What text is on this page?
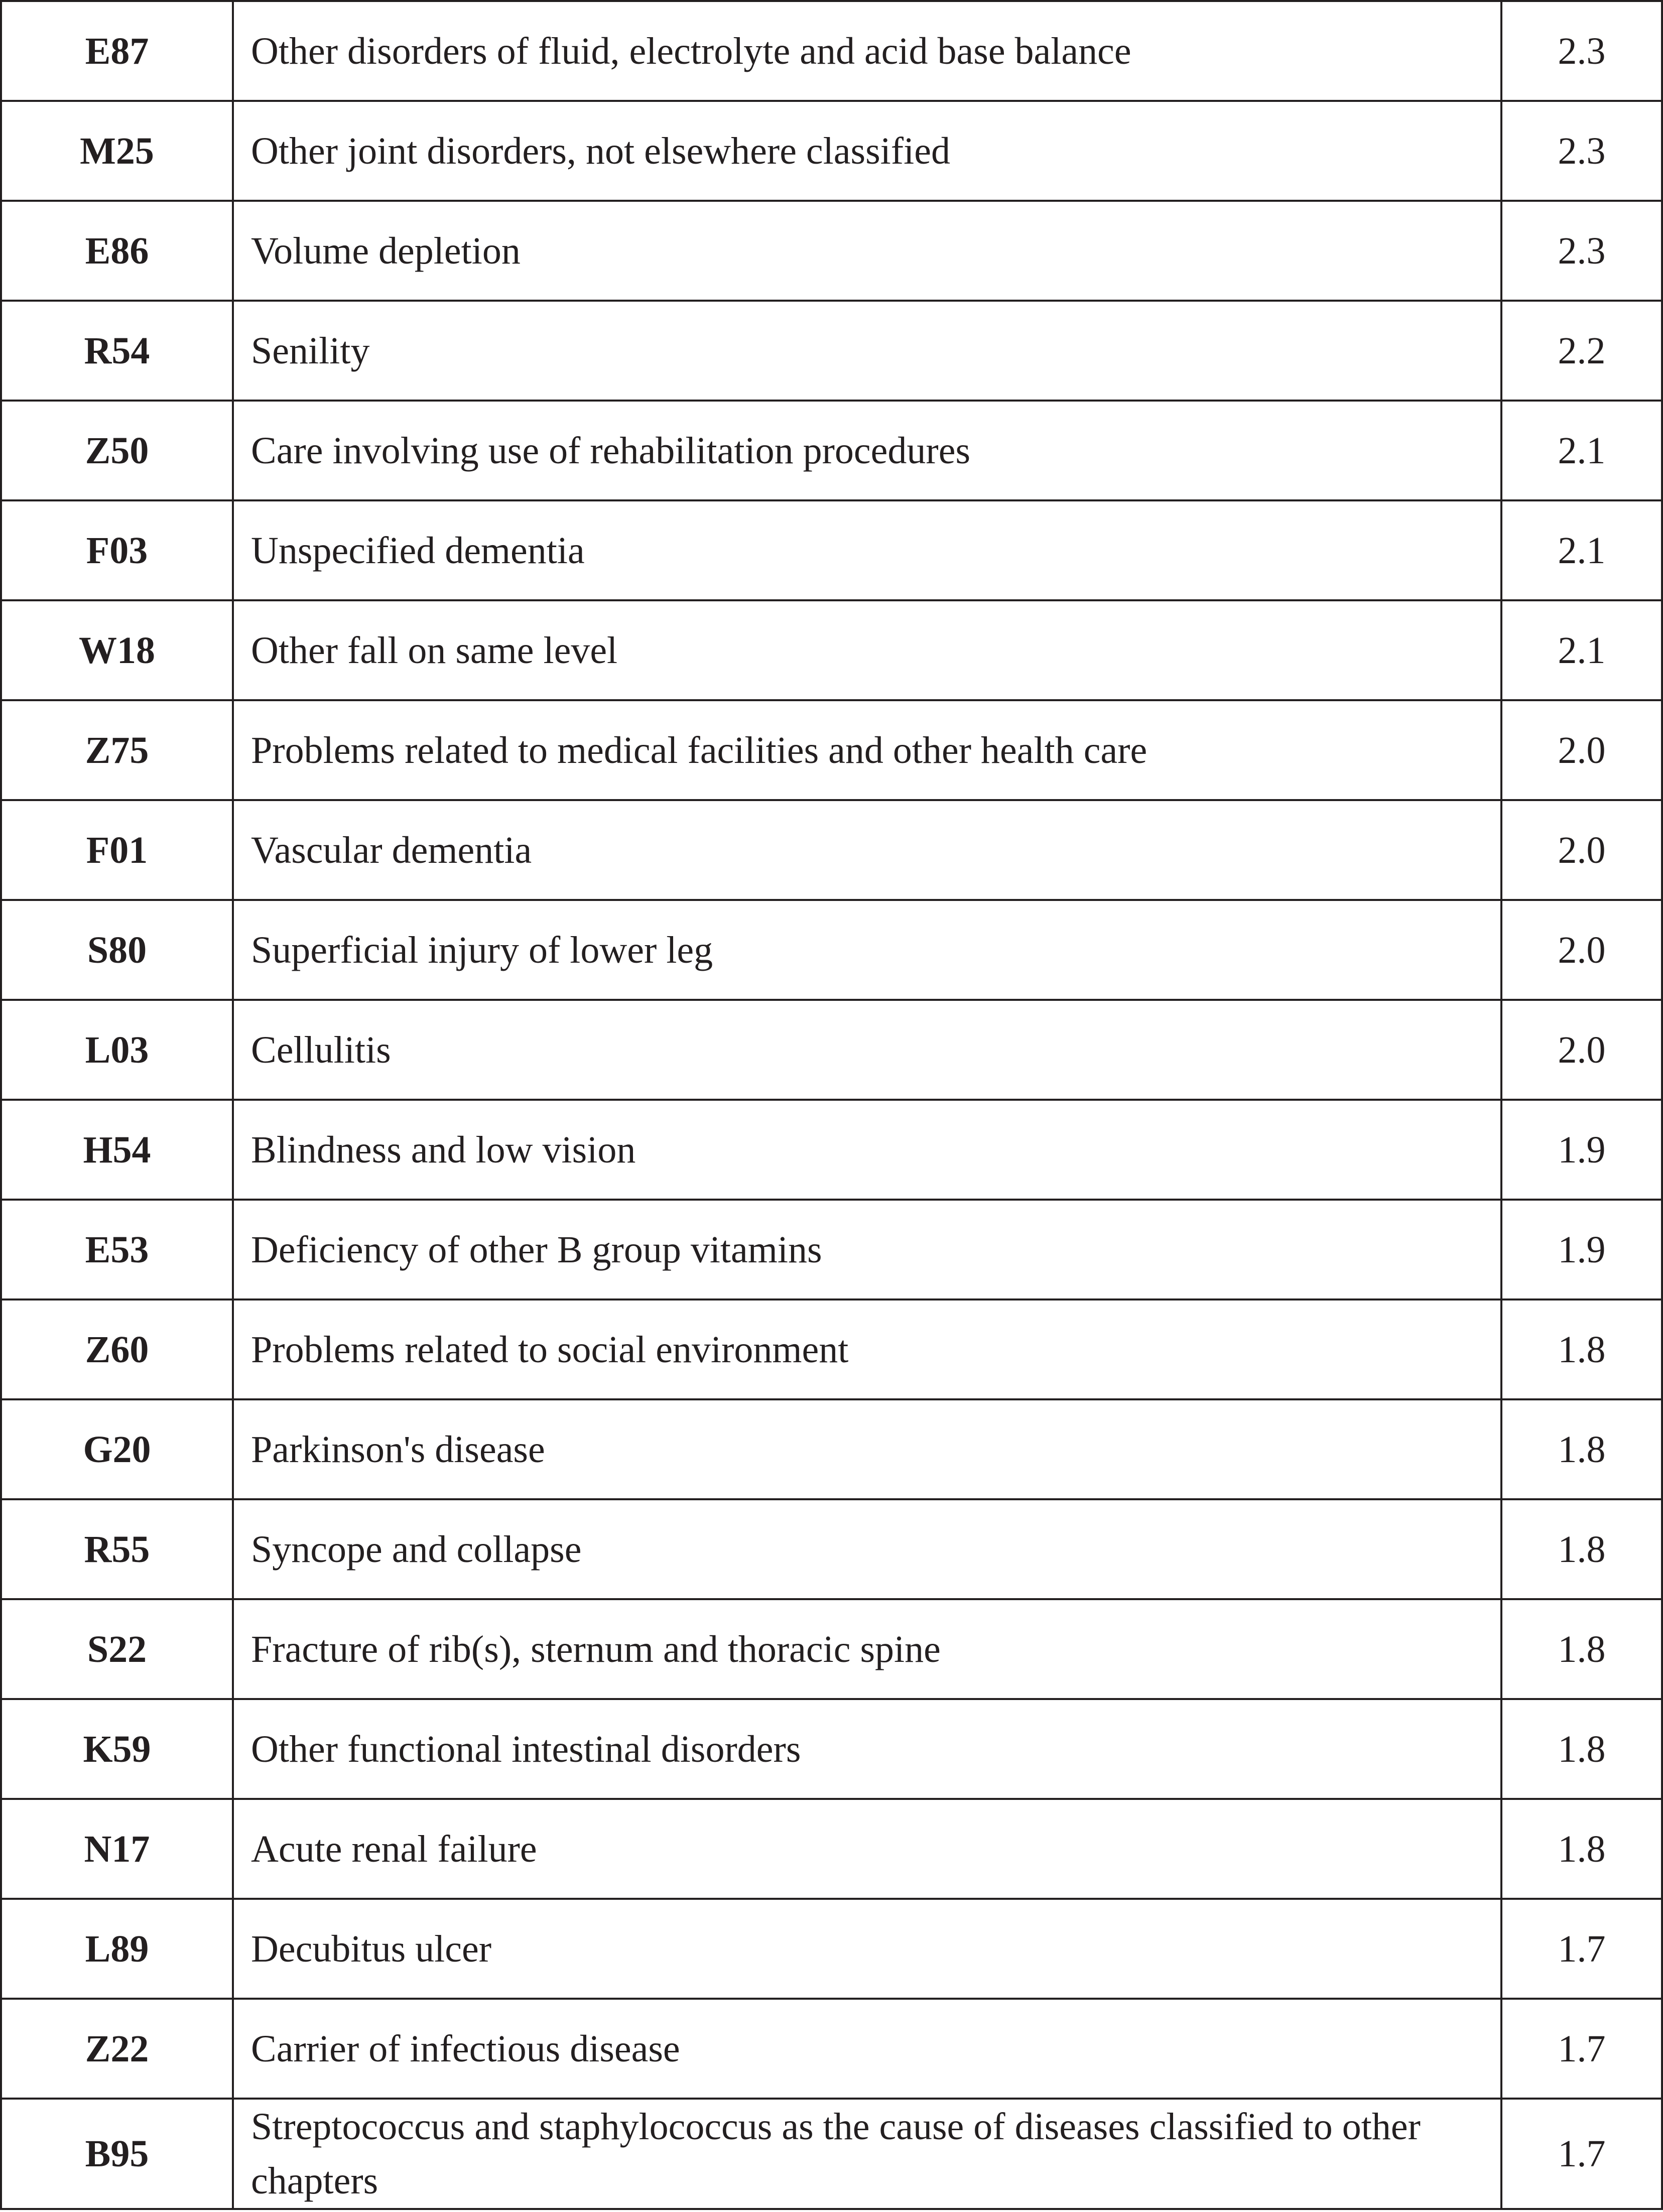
E87	Other disorders of fluid, electrolyte and acid base balance	2.3
M25	Other joint disorders, not elsewhere classified	2.3
E86	Volume depletion	2.3
R54	Senility	2.2
Z50	Care involving use of rehabilitation procedures	2.1
F03	Unspecified dementia	2.1
W18	Other fall on same level	2.1
Z75	Problems related to medical facilities and other health care	2.0
F01	Vascular dementia	2.0
S80	Superficial injury of lower leg	2.0
L03	Cellulitis	2.0
H54	Blindness and low vision	1.9
E53	Deficiency of other B group vitamins	1.9
Z60	Problems related to social environment	1.8
G20	Parkinson's disease	1.8
R55	Syncope and collapse	1.8
S22	Fracture of rib(s), sternum and thoracic spine	1.8
K59	Other functional intestinal disorders	1.8
N17	Acute renal failure	1.8
L89	Decubitus ulcer	1.7
Z22	Carrier of infectious disease	1.7
B95	Streptococcus and staphylococcus as the cause of diseases classified to other chapters	1.7
